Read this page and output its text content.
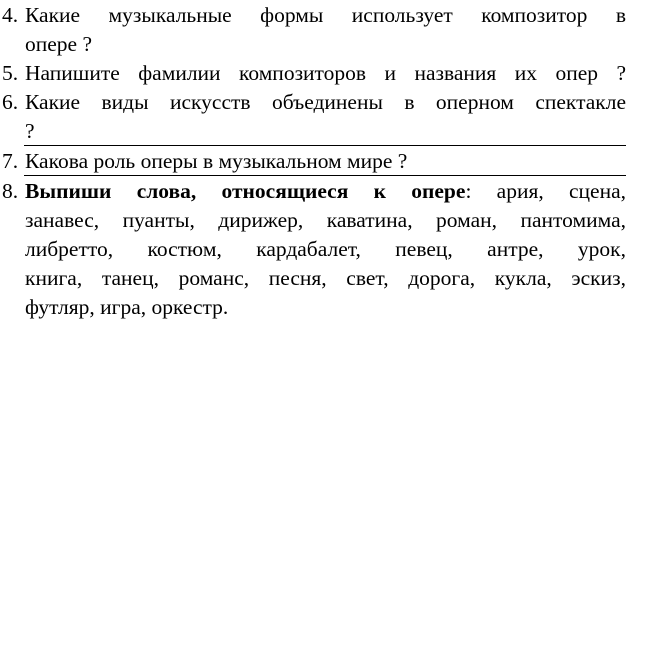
4. Какие музыкальные формы использует композитор в
опере ?
5. Напишите фамилии композиторов и названия их опер ?
6. Какие виды искусств объединены в оперном спектакле
?
7. Какова роль оперы в музыкальном мире ?
8. Выпиши слова, относящиеся к опере: ария, сцена,
занавес, пуанты, дирижер, каватина, роман, пантомима,
либретто, костюм, кардабалет, певец, антре, урок,
книга, танец, романс, песня, свет, дорога, кукла, эскиз,
футляр, игра, оркестр.
